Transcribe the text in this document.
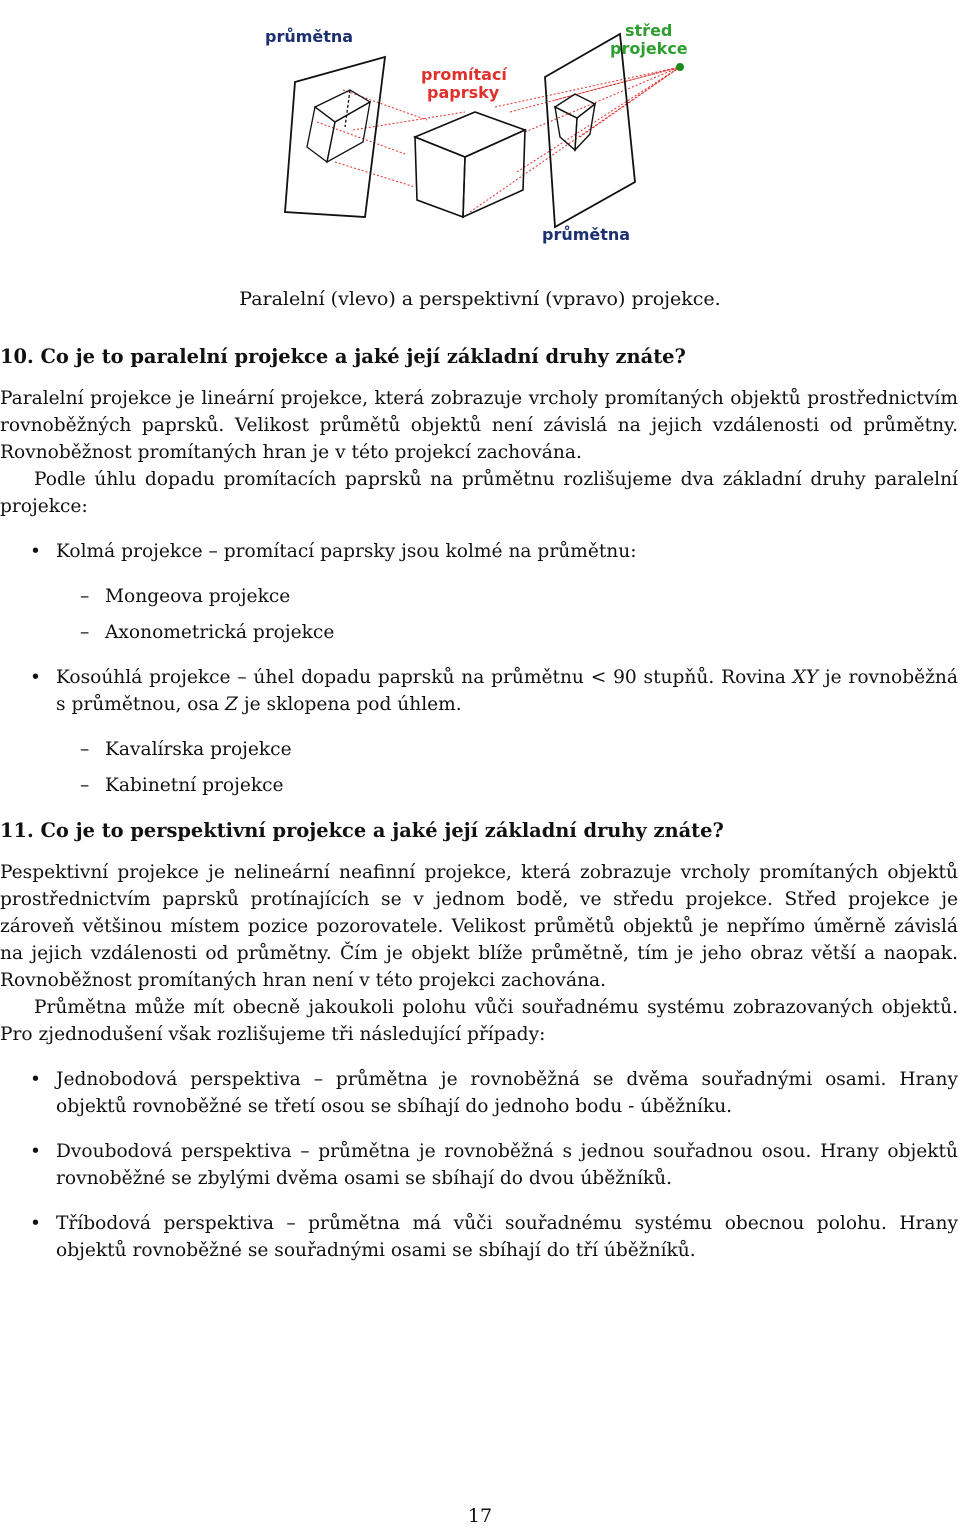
průmětna
promítací
paprsky
střed
projekce
průmětna
Paralelní (vlevo) a perspektivní (vpravo) projekce.
10. Co je to paralelní projekce a jaké její základní druhy znáte?

Paralelní projekce je lineární projekce, která zobrazuje vrcholy promítaných objektů prostřednictvím rovnoběžných paprsků. Velikost průmětů objektů není závislá na jejich vzdálenosti od průmětny. Rovnoběžnost promítaných hran je v této projekcí zachována.

Podle úhlu dopadu promítacích paprsků na průmětnu rozlišujeme dva základní druhy paralelní projekce:

• Kolmá projekce – promítací paprsky jsou kolmé na průmětnu:
– Mongeova projekce
– Axonometrická projekce
• Kosoúhlá projekce – úhel dopadu paprsků na průmětnu < 90 stupňů. Rovina XY je rovnoběžná s průmětnou, osa Z je sklopena pod úhlem.
– Kavalírska projekce
– Kabinetní projekce
11. Co je to perspektivní projekce a jaké její základní druhy znáte?

Pespektivní projekce je nelineární neafinní projekce, která zobrazuje vrcholy promítaných objektů prostřednictvím paprsků protínajících se v jednom bodě, ve středu projekce. Střed projekce je zároveň většinou místem pozice pozorovatele. Velikost průmětů objektů je nepřímo úměrně závislá na jejich vzdálenosti od průmětny. Čím je objekt blíže průmětně, tím je jeho obraz větší a naopak. Rovnoběžnost promítaných hran není v této projekci zachována.

Průmětna může mít obecně jakoukoli polohu vůči souřadnému systému zobrazovaných objektů. Pro zjednodušení však rozlišujeme tři následující případy:

• Jednobodová perspektiva – průmětna je rovnoběžná se dvěma souřadnými osami. Hrany objektů rovnoběžné se třetí osou se sbíhají do jednoho bodu - úběžníku.
• Dvoubodová perspektiva – průmětna je rovnoběžná s jednou souřadnou osou. Hrany objektů rovnoběžné se zbylými dvěma osami se sbíhají do dvou úběžníků.
• Tříbodová perspektiva – průmětna má vůči souřadnému systému obecnou polohu. Hrany objektů rovnoběžné se souřadnými osami se sbíhají do tří úběžníků.
17
